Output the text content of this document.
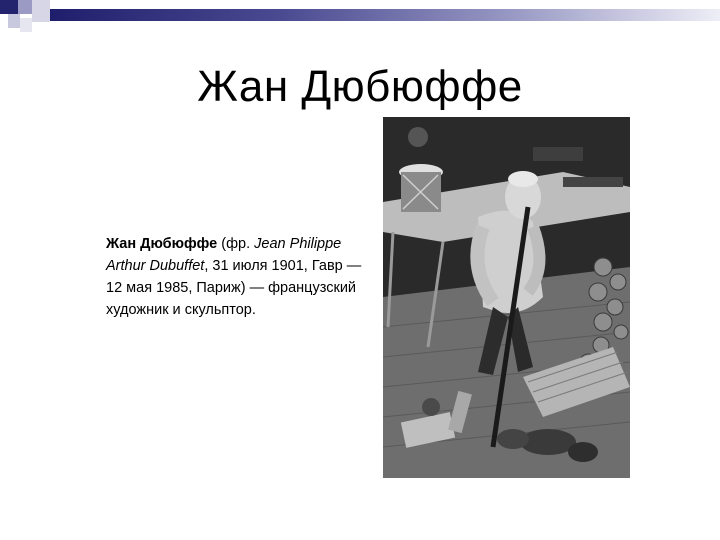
Жан Дюбюффе
Жан Дюбюффе (фр. Jean Philippe Arthur Dubuffet, 31 июля 1901, Гавр — 12 мая 1985, Париж) — французский художник и скульптор.
